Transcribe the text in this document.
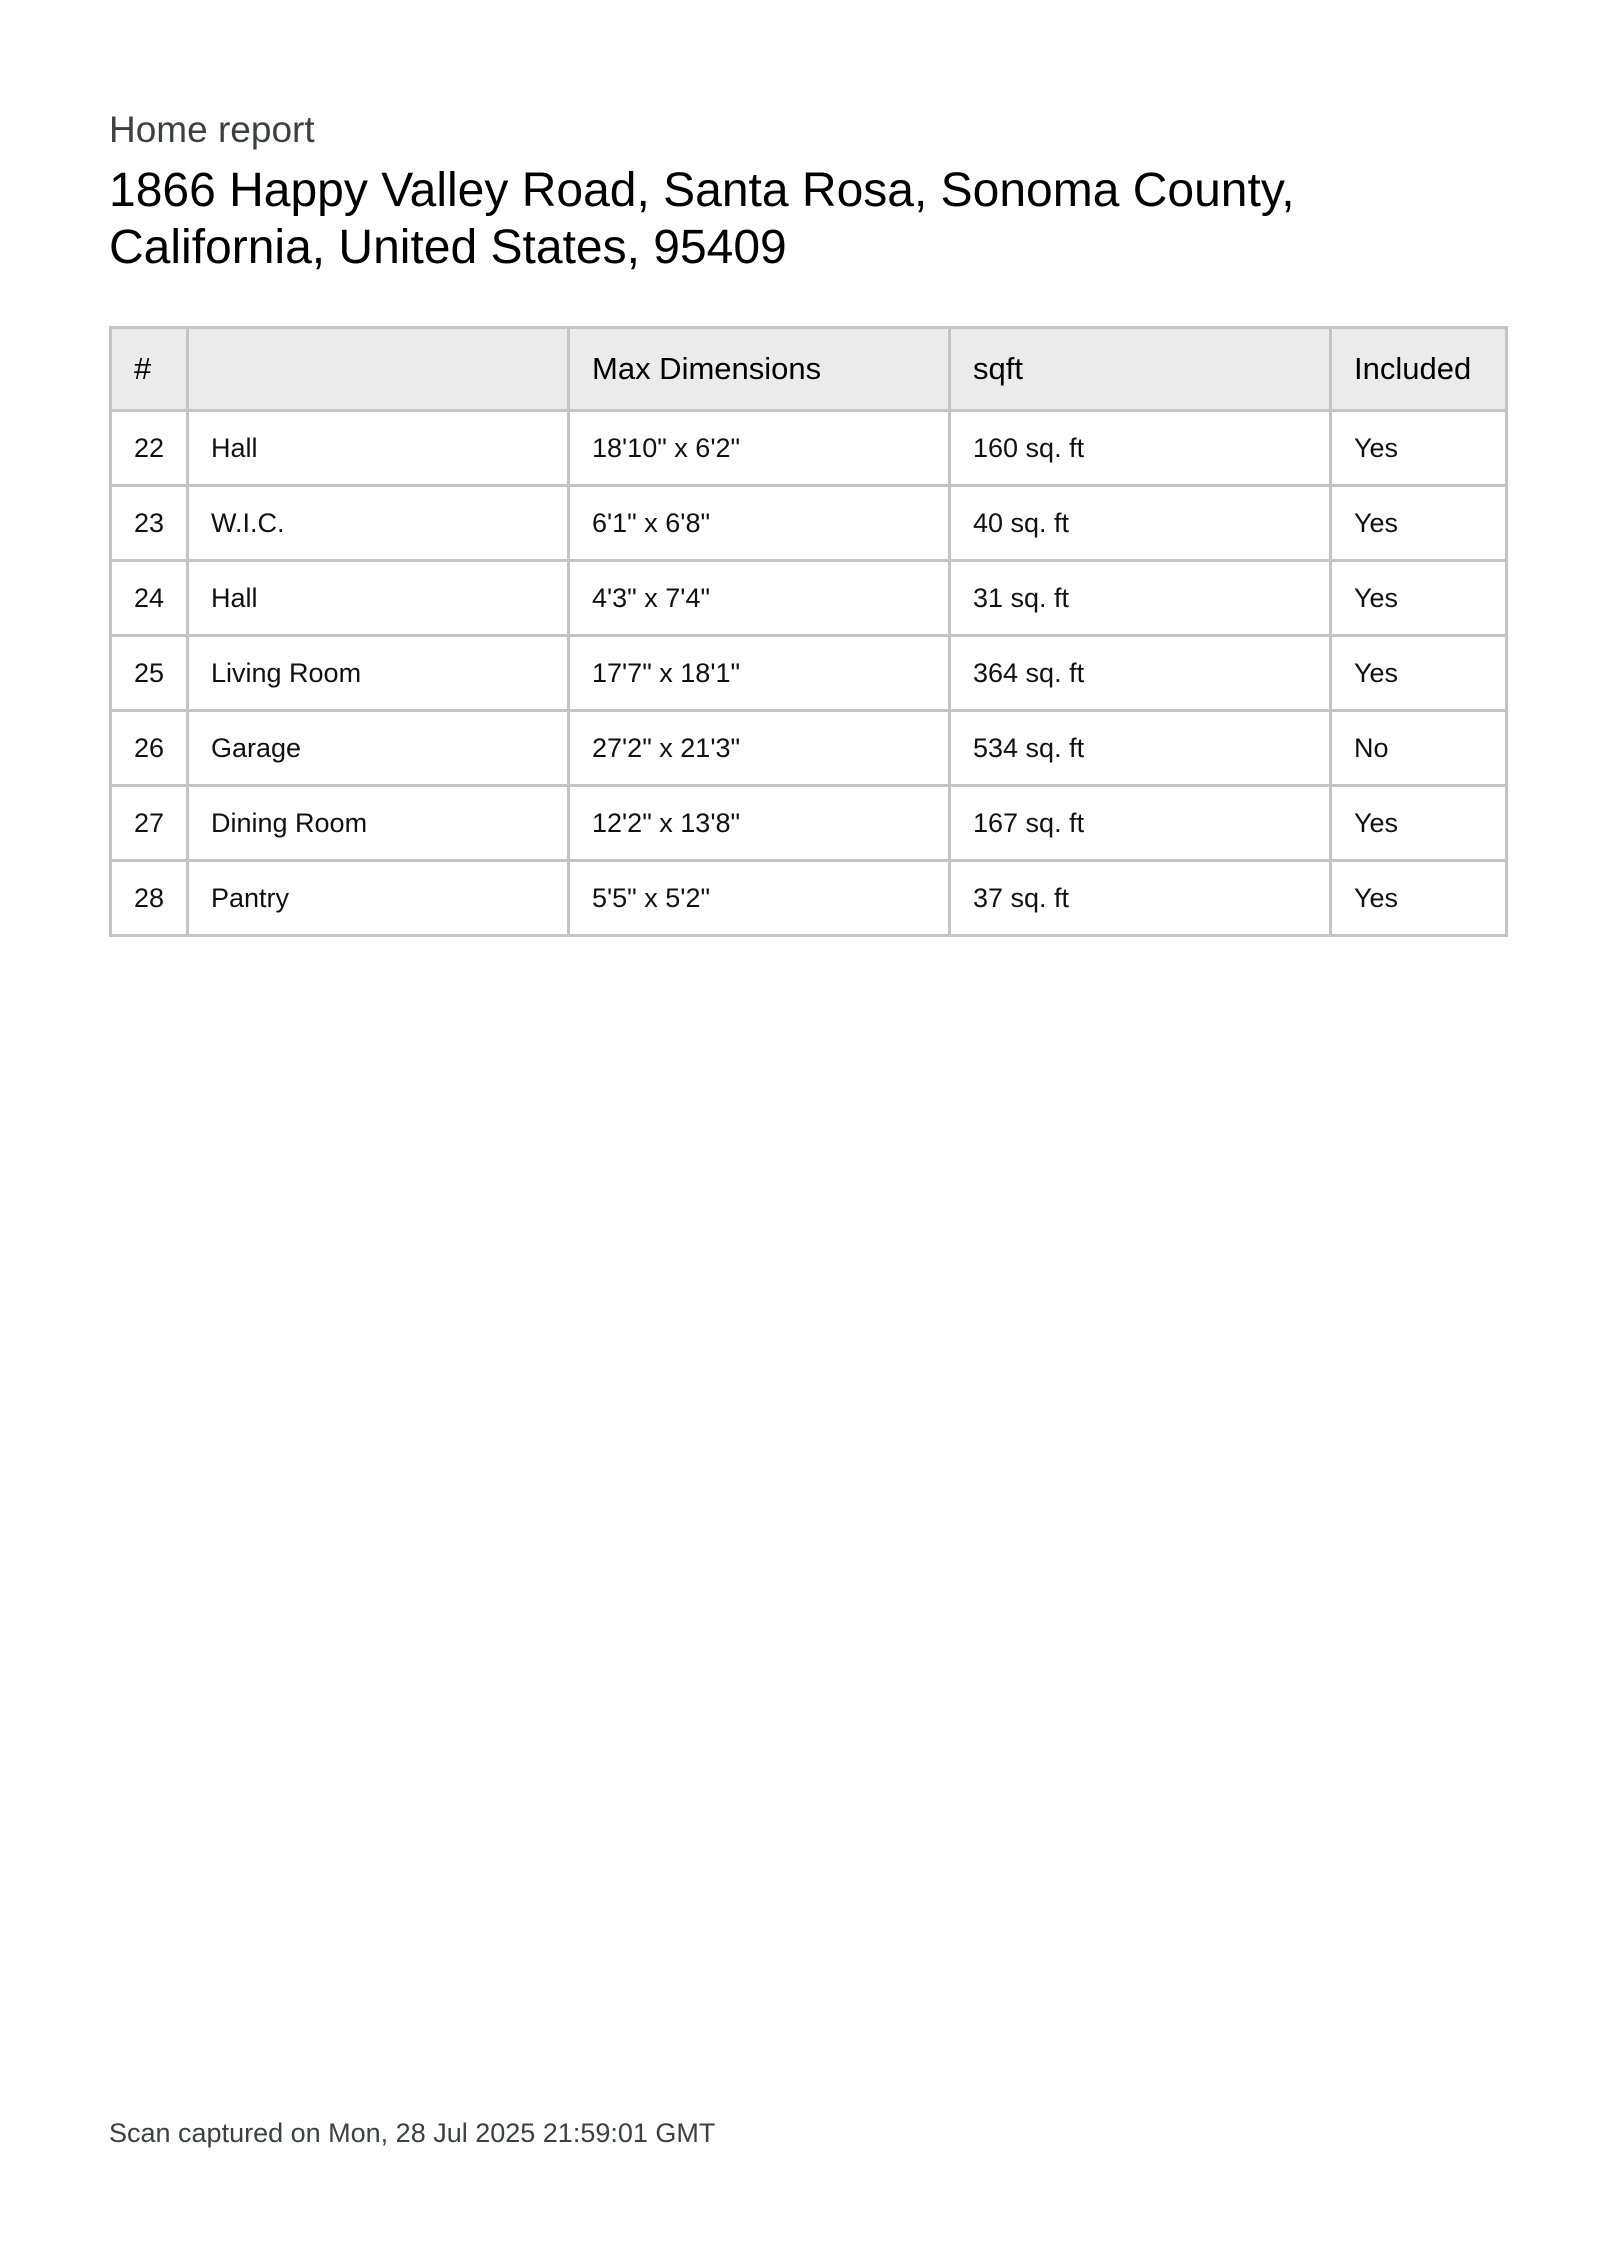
Home report
1866 Happy Valley Road, Santa Rosa, Sonoma County, California, United States, 95409
#		Max Dimensions	sqft	Included
22	Hall	18'10" x 6'2"	160 sq. ft	Yes
23	W.I.C.	6'1" x 6'8"	40 sq. ft	Yes
24	Hall	4'3" x 7'4"	31 sq. ft	Yes
25	Living Room	17'7" x 18'1"	364 sq. ft	Yes
26	Garage	27'2" x 21'3"	534 sq. ft	No
27	Dining Room	12'2" x 13'8"	167 sq. ft	Yes
28	Pantry	5'5" x 5'2"	37 sq. ft	Yes
Scan captured on Mon, 28 Jul 2025 21:59:01 GMT
